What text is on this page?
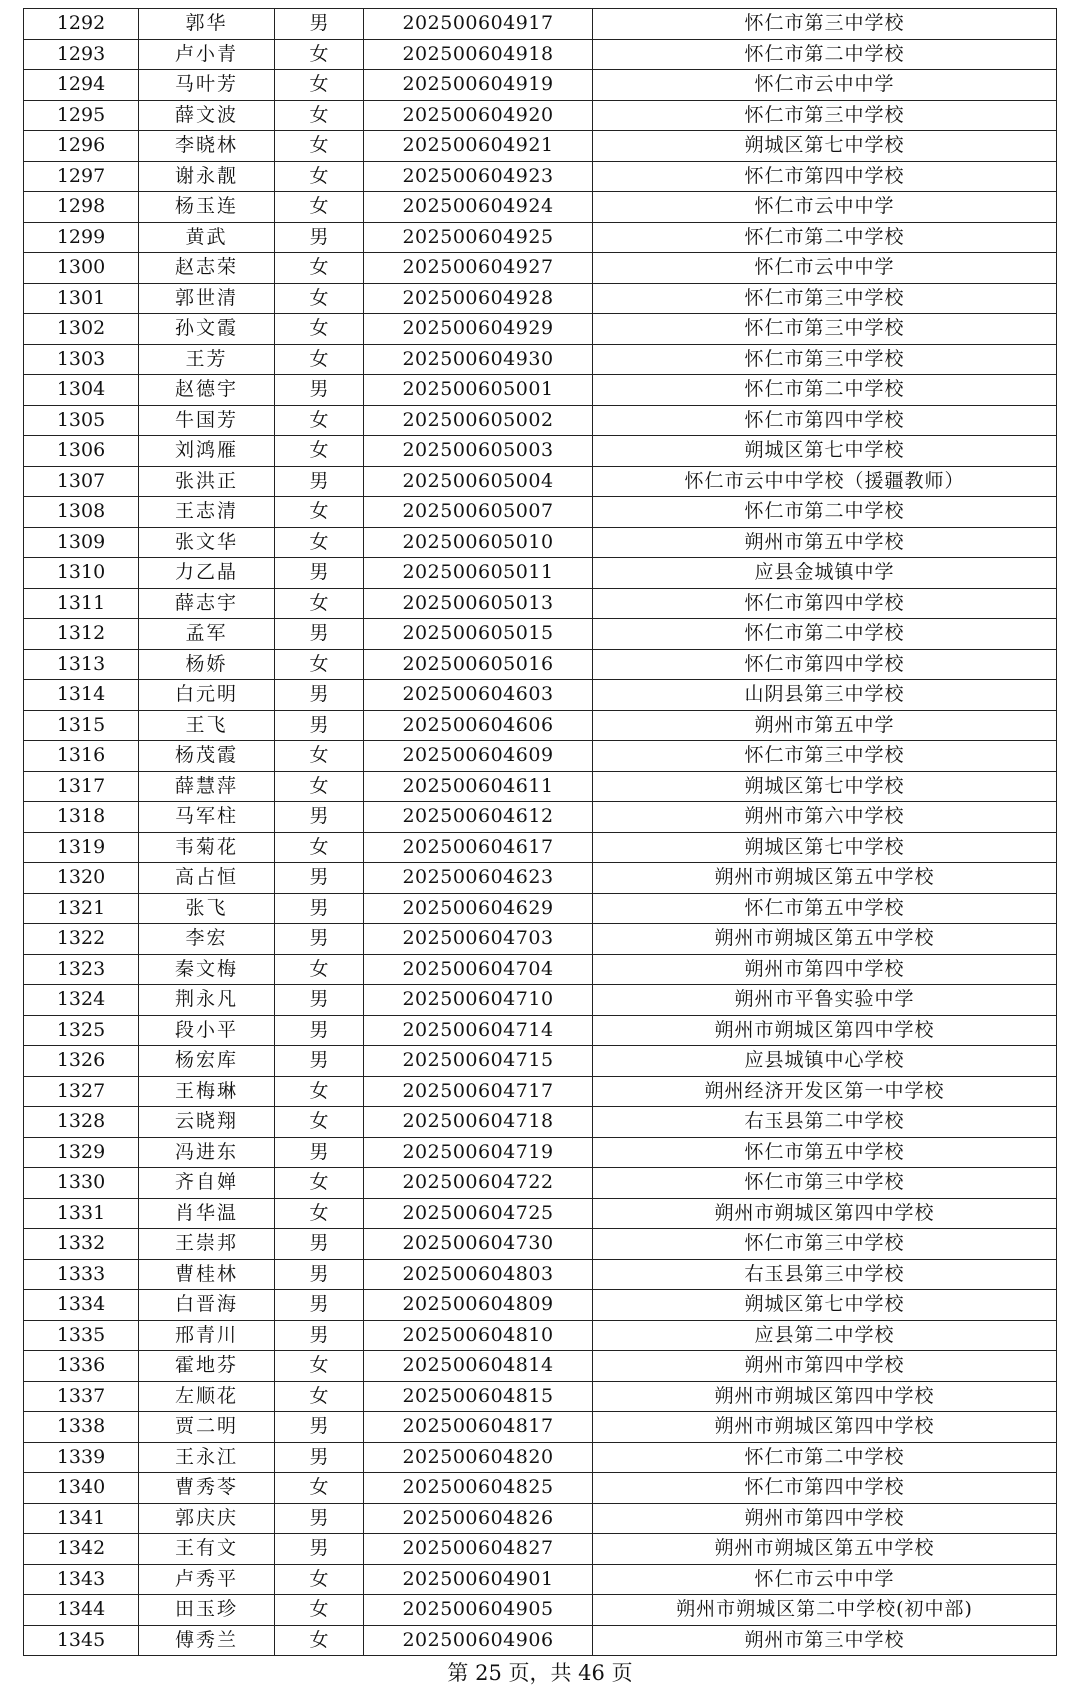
1292	郭华	男	202500604917	怀仁市第三中学校
1293	卢小青	女	202500604918	怀仁市第二中学校
1294	马叶芳	女	202500604919	怀仁市云中中学
1295	薛文波	女	202500604920	怀仁市第三中学校
1296	李晓林	女	202500604921	朔城区第七中学校
1297	谢永靓	女	202500604923	怀仁市第四中学校
1298	杨玉连	女	202500604924	怀仁市云中中学
1299	黄武	男	202500604925	怀仁市第二中学校
1300	赵志荣	女	202500604927	怀仁市云中中学
1301	郭世清	女	202500604928	怀仁市第三中学校
1302	孙文霞	女	202500604929	怀仁市第三中学校
1303	王芳	女	202500604930	怀仁市第三中学校
1304	赵德宇	男	202500605001	怀仁市第二中学校
1305	牛国芳	女	202500605002	怀仁市第四中学校
1306	刘鸿雁	女	202500605003	朔城区第七中学校
1307	张洪正	男	202500605004	怀仁市云中中学校（援疆教师）
1308	王志清	女	202500605007	怀仁市第二中学校
1309	张文华	女	202500605010	朔州市第五中学校
1310	力乙晶	男	202500605011	应县金城镇中学
1311	薛志宇	女	202500605013	怀仁市第四中学校
1312	孟军	男	202500605015	怀仁市第二中学校
1313	杨娇	女	202500605016	怀仁市第四中学校
1314	白元明	男	202500604603	山阴县第三中学校
1315	王飞	男	202500604606	朔州市第五中学
1316	杨茂霞	女	202500604609	怀仁市第三中学校
1317	薛慧萍	女	202500604611	朔城区第七中学校
1318	马军柱	男	202500604612	朔州市第六中学校
1319	韦菊花	女	202500604617	朔城区第七中学校
1320	高占恒	男	202500604623	朔州市朔城区第五中学校
1321	张飞	男	202500604629	怀仁市第五中学校
1322	李宏	男	202500604703	朔州市朔城区第五中学校
1323	秦文梅	女	202500604704	朔州市第四中学校
1324	荆永凡	男	202500604710	朔州市平鲁实验中学
1325	段小平	男	202500604714	朔州市朔城区第四中学校
1326	杨宏库	男	202500604715	应县城镇中心学校
1327	王梅琳	女	202500604717	朔州经济开发区第一中学校
1328	云晓翔	女	202500604718	右玉县第二中学校
1329	冯进东	男	202500604719	怀仁市第五中学校
1330	齐自婵	女	202500604722	怀仁市第三中学校
1331	肖华温	女	202500604725	朔州市朔城区第四中学校
1332	王崇邦	男	202500604730	怀仁市第三中学校
1333	曹桂林	男	202500604803	右玉县第三中学校
1334	白晋海	男	202500604809	朔城区第七中学校
1335	邢青川	男	202500604810	应县第二中学校
1336	霍地芬	女	202500604814	朔州市第四中学校
1337	左顺花	女	202500604815	朔州市朔城区第四中学校
1338	贾二明	男	202500604817	朔州市朔城区第四中学校
1339	王永江	男	202500604820	怀仁市第二中学校
1340	曹秀苓	女	202500604825	怀仁市第四中学校
1341	郭庆庆	男	202500604826	朔州市第四中学校
1342	王有文	男	202500604827	朔州市朔城区第五中学校
1343	卢秀平	女	202500604901	怀仁市云中中学
1344	田玉珍	女	202500604905	朔州市朔城区第二中学校(初中部)
1345	傅秀兰	女	202500604906	朔州市第三中学校
第 25 页，共 46 页
